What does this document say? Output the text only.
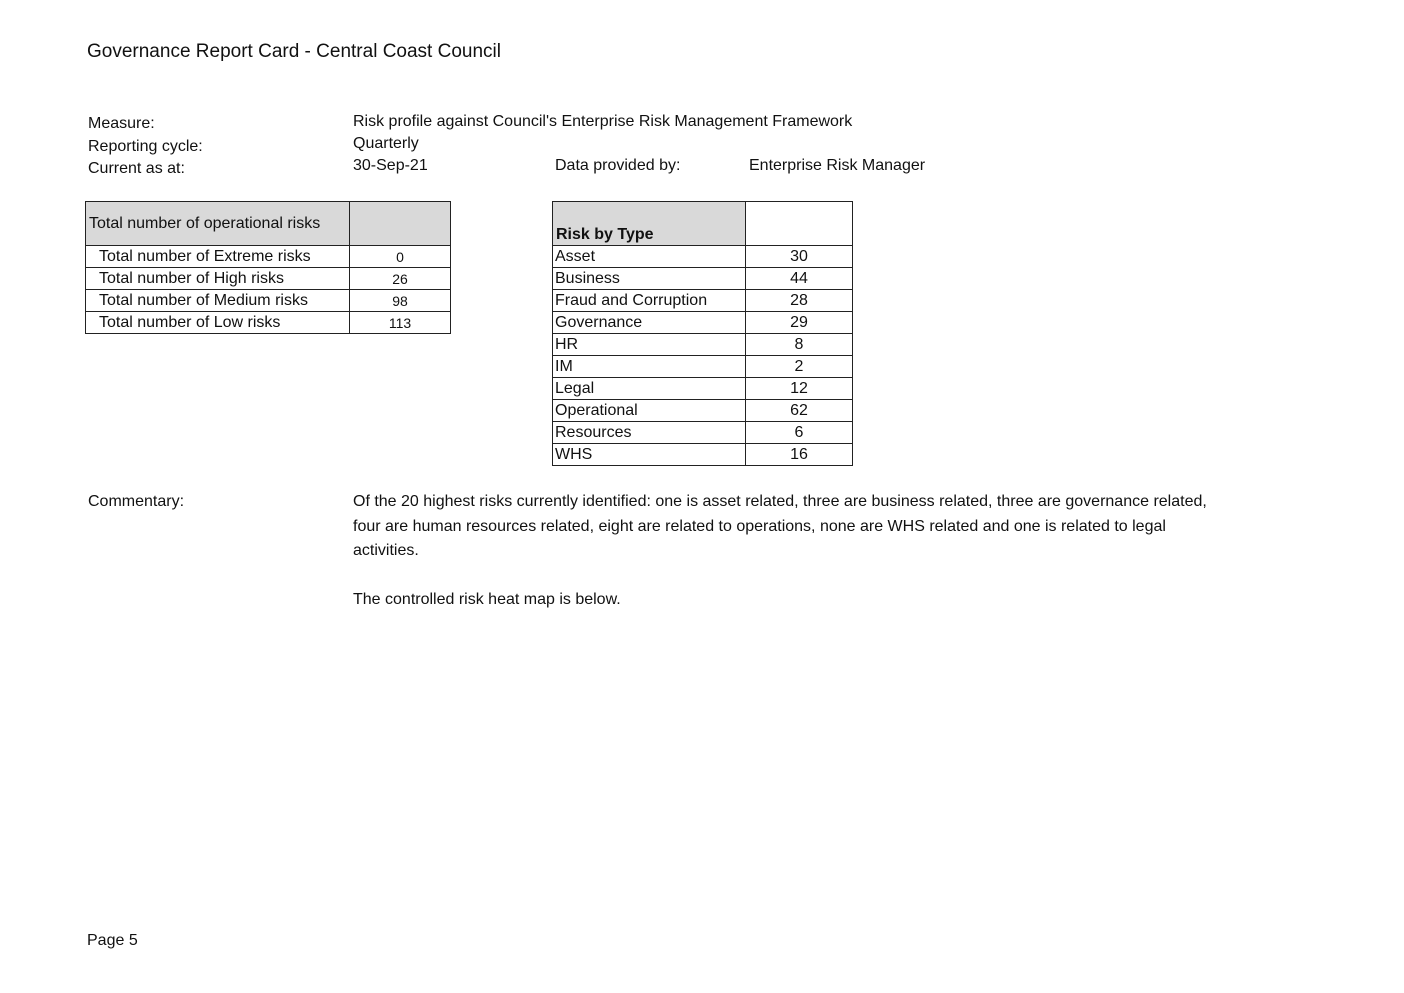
Governance Report Card - Central Coast Council
Measure:	Risk profile against Council's Enterprise Risk Management Framework
Reporting cycle:	Quarterly
Current as at:	30-Sep-21	Data provided by:	Enterprise Risk Manager
Total number of operational risks	
Total number of Extreme risks	0
Total number of High risks	26
Total number of Medium risks	98
Total number of Low risks	113
Risk by Type	
Asset	30
Business	44
Fraud and Corruption	28
Governance	29
HR	8
IM	2
Legal	12
Operational	62
Resources	6
WHS	16
Commentary:	Of the 20 highest risks currently identified: one is asset related, three are business related, three are governance related, four are human resources related, eight are related to operations, none are WHS related and one is related to legal activities.

The controlled risk heat map is below.

Page 5
